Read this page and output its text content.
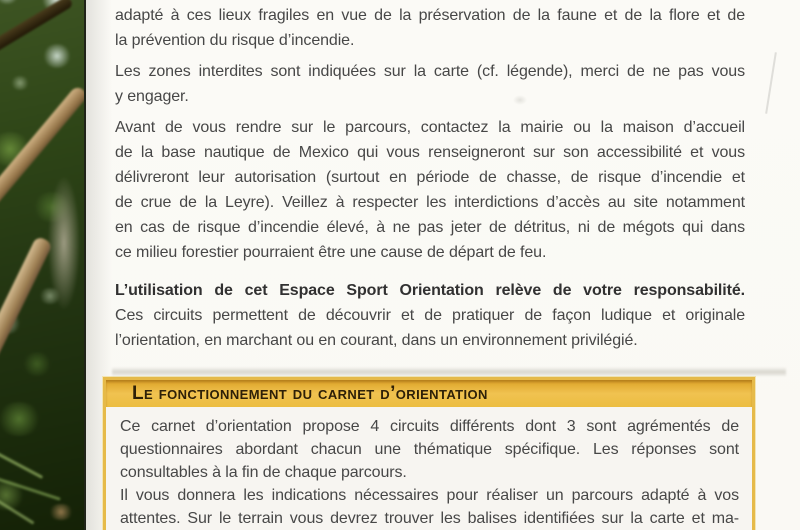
adapté à ces lieux fragiles en vue de la préservation de la faune et de la flore et de
la prévention du risque d’incendie.
Les zones interdites sont indiquées sur la carte (cf. légende), merci de ne pas vous
y engager.
Avant de vous rendre sur le parcours, contactez la mairie ou la maison d’accueil
de la base nautique de Mexico qui vous renseigneront sur son accessibilité et vous
délivreront leur autorisation (surtout en période de chasse, de risque d’incendie et
de crue de la Leyre). Veillez à respecter les interdictions d’accès au site notamment
en cas de risque d’incendie élevé, à ne pas jeter de détritus, ni de mégots qui dans
ce milieu forestier pourraient être une cause de départ de feu.
L’utilisation de cet Espace Sport Orientation relève de votre responsabilité.
Ces circuits permettent de découvrir et de pratiquer de façon ludique et originale
l’orientation, en marchant ou en courant, dans un environnement privilégié.
Le fonctionnement du carnet d’orientation
Ce carnet d’orientation propose 4 circuits différents dont 3 sont agrémentés de
questionnaires abordant chacun une thématique spécifique. Les réponses sont
consultables à la fin de chaque parcours.
Il vous donnera les indications nécessaires pour réaliser un parcours adapté à vos
attentes. Sur le terrain vous devrez trouver les balises identifiées sur la carte et ma-
